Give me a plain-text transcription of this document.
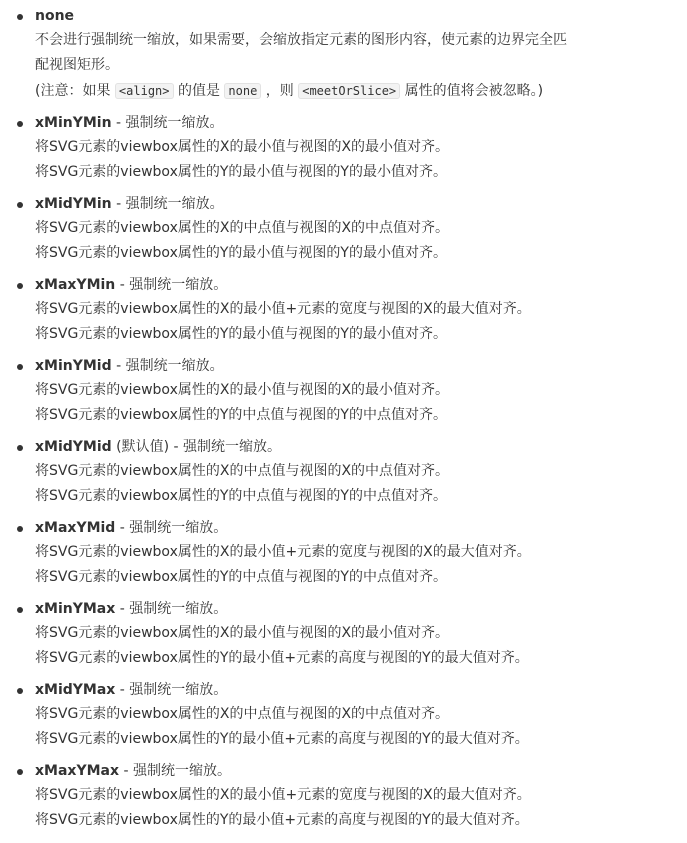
none
不会进行强制统一缩放，如果需要，会缩放指定元素的图形内容，使元素的边界完全匹
配视图矩形。
(注意：如果 <align> 的值是 none ，则 <meetOrSlice> 属性的值将会被忽略。)
xMinYMin - 强制统一缩放。
将SVG元素的viewbox属性的X的最小值与视图的X的最小值对齐。
将SVG元素的viewbox属性的Y的最小值与视图的Y的最小值对齐。
xMidYMin - 强制统一缩放。
将SVG元素的viewbox属性的X的中点值与视图的X的中点值对齐。
将SVG元素的viewbox属性的Y的最小值与视图的Y的最小值对齐。
xMaxYMin - 强制统一缩放。
将SVG元素的viewbox属性的X的最小值+元素的宽度与视图的X的最大值对齐。
将SVG元素的viewbox属性的Y的最小值与视图的Y的最小值对齐。
xMinYMid - 强制统一缩放。
将SVG元素的viewbox属性的X的最小值与视图的X的最小值对齐。
将SVG元素的viewbox属性的Y的中点值与视图的Y的中点值对齐。
xMidYMid (默认值) - 强制统一缩放。
将SVG元素的viewbox属性的X的中点值与视图的X的中点值对齐。
将SVG元素的viewbox属性的Y的中点值与视图的Y的中点值对齐。
xMaxYMid - 强制统一缩放。
将SVG元素的viewbox属性的X的最小值+元素的宽度与视图的X的最大值对齐。
将SVG元素的viewbox属性的Y的中点值与视图的Y的中点值对齐。
xMinYMax - 强制统一缩放。
将SVG元素的viewbox属性的X的最小值与视图的X的最小值对齐。
将SVG元素的viewbox属性的Y的最小值+元素的高度与视图的Y的最大值对齐。
xMidYMax - 强制统一缩放。
将SVG元素的viewbox属性的X的中点值与视图的X的中点值对齐。
将SVG元素的viewbox属性的Y的最小值+元素的高度与视图的Y的最大值对齐。
xMaxYMax - 强制统一缩放。
将SVG元素的viewbox属性的X的最小值+元素的宽度与视图的X的最大值对齐。
将SVG元素的viewbox属性的Y的最小值+元素的高度与视图的Y的最大值对齐。
